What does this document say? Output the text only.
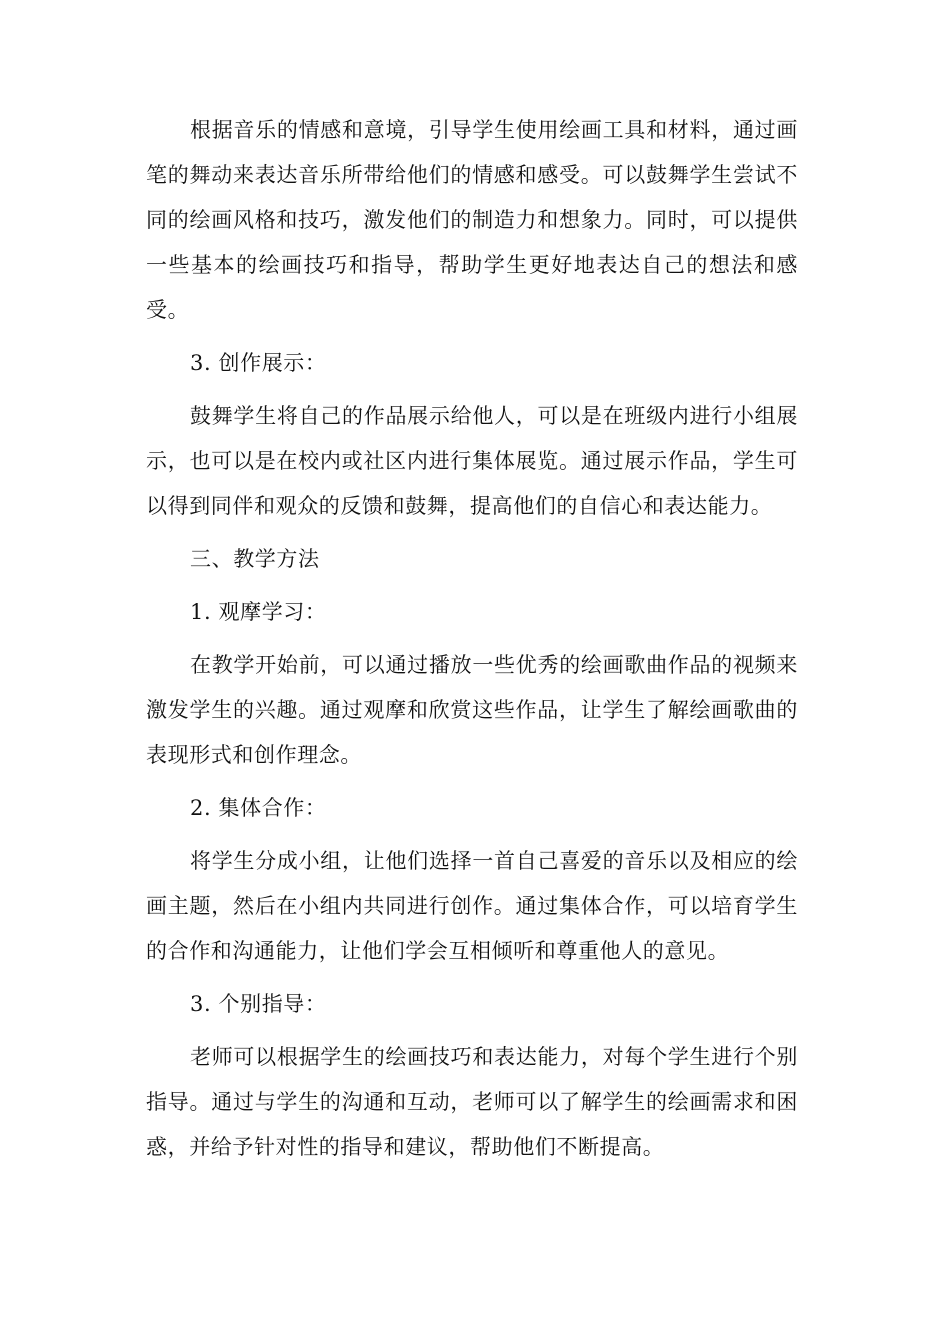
根据音乐的情感和意境，引导学生使用绘画工具和材料，通过画笔的舞动来表达音乐所带给他们的情感和感受。可以鼓舞学生尝试不同的绘画风格和技巧，激发他们的制造力和想象力。同时，可以提供一些基本的绘画技巧和指导，帮助学生更好地表达自己的想法和感受。

3. 创作展示：

鼓舞学生将自己的作品展示给他人，可以是在班级内进行小组展示，也可以是在校内或社区内进行集体展览。通过展示作品，学生可以得到同伴和观众的反馈和鼓舞，提高他们的自信心和表达能力。

三、教学方法

1. 观摩学习：

在教学开始前，可以通过播放一些优秀的绘画歌曲作品的视频来激发学生的兴趣。通过观摩和欣赏这些作品，让学生了解绘画歌曲的表现形式和创作理念。

2. 集体合作：

将学生分成小组，让他们选择一首自己喜爱的音乐以及相应的绘画主题，然后在小组内共同进行创作。通过集体合作，可以培育学生的合作和沟通能力，让他们学会互相倾听和尊重他人的意见。

3. 个别指导：

老师可以根据学生的绘画技巧和表达能力，对每个学生进行个别指导。通过与学生的沟通和互动，老师可以了解学生的绘画需求和困惑，并给予针对性的指导和建议，帮助他们不断提高。
